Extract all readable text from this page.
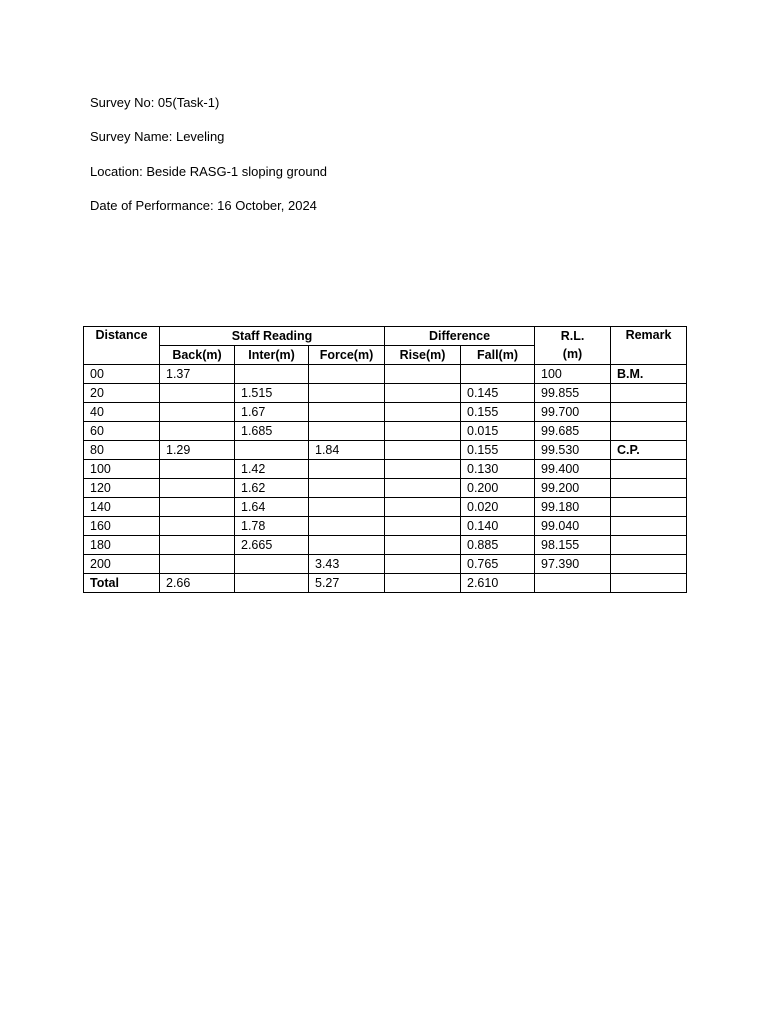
Survey No: 05(Task-1)
Survey Name: Leveling
Location: Beside RASG-1 sloping ground
Date of Performance: 16 October, 2024
Distance	Staff Reading			Difference		R.L.	Remark
	Back(m)	Inter(m)	Force(m)	Rise(m)	Fall(m)	(m)	
00	1.37					100	B.M.
20		1.515			0.145	99.855	
40		1.67			0.155	99.700	
60		1.685			0.015	99.685	
80	1.29		1.84		0.155	99.530	C.P.
100		1.42			0.130	99.400	
120		1.62			0.200	99.200	
140		1.64			0.020	99.180	
160		1.78			0.140	99.040	
180		2.665			0.885	98.155	
200			3.43		0.765	97.390	
Total	2.66		5.27		2.610		
